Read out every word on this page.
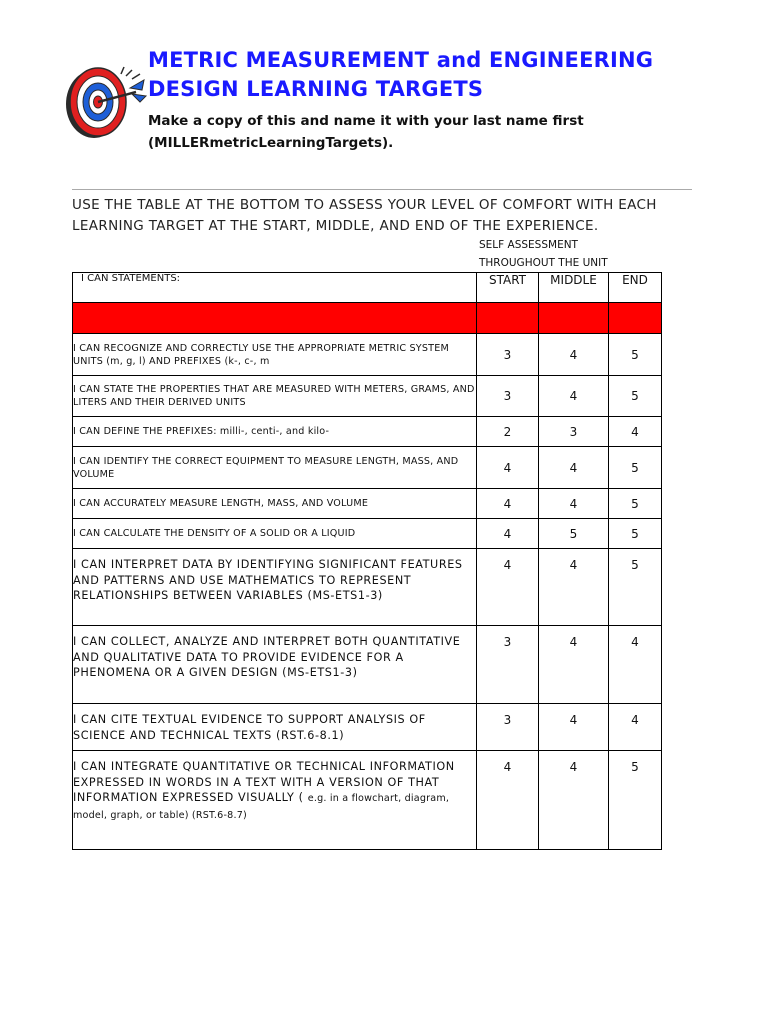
METRIC MEASUREMENT and ENGINEERING
DESIGN LEARNING TARGETS
Make a copy of this and name it with your last name first
(MILLERmetricLearningTargets).
USE THE TABLE AT THE BOTTOM TO ASSESS YOUR LEVEL OF COMFORT WITH EACH
LEARNING TARGET AT THE START, MIDDLE, AND END OF THE EXPERIENCE.
SELF ASSESSMENT
THROUGHOUT THE UNIT
I CAN STATEMENTS:	START	MIDDLE	END

I CAN RECOGNIZE AND CORRECTLY USE THE APPROPRIATE METRIC SYSTEM UNITS (m, g, l) AND PREFIXES (k-, c-, m	3	4	5
I CAN STATE THE PROPERTIES THAT ARE MEASURED WITH METERS, GRAMS, AND LITERS AND THEIR DERIVED UNITS	3	4	5
I CAN DEFINE THE PREFIXES: milli-, centi-, and kilo-	2	3	4
I CAN IDENTIFY THE CORRECT EQUIPMENT TO MEASURE LENGTH, MASS, AND VOLUME	4	4	5
I CAN ACCURATELY MEASURE LENGTH, MASS, AND VOLUME	4	4	5
I CAN CALCULATE THE DENSITY OF A SOLID OR A LIQUID	4	5	5
I CAN INTERPRET DATA BY IDENTIFYING SIGNIFICANT FEATURES AND PATTERNS AND USE MATHEMATICS TO REPRESENT RELATIONSHIPS BETWEEN VARIABLES (MS-ETS1-3)	4	4	5
I CAN COLLECT, ANALYZE AND INTERPRET BOTH QUANTITATIVE AND QUALITATIVE DATA TO PROVIDE EVIDENCE FOR A PHENOMENA OR A GIVEN DESIGN (MS-ETS1-3)	3	4	4
I CAN CITE TEXTUAL EVIDENCE TO SUPPORT ANALYSIS OF SCIENCE AND TECHNICAL TEXTS (RST.6-8.1)	3	4	4
I CAN INTEGRATE QUANTITATIVE OR TECHNICAL INFORMATION EXPRESSED IN WORDS IN A TEXT WITH A VERSION OF THAT INFORMATION EXPRESSED VISUALLY ( e.g. in a flowchart, diagram, model, graph, or table) (RST.6-8.7)	4	4	5
